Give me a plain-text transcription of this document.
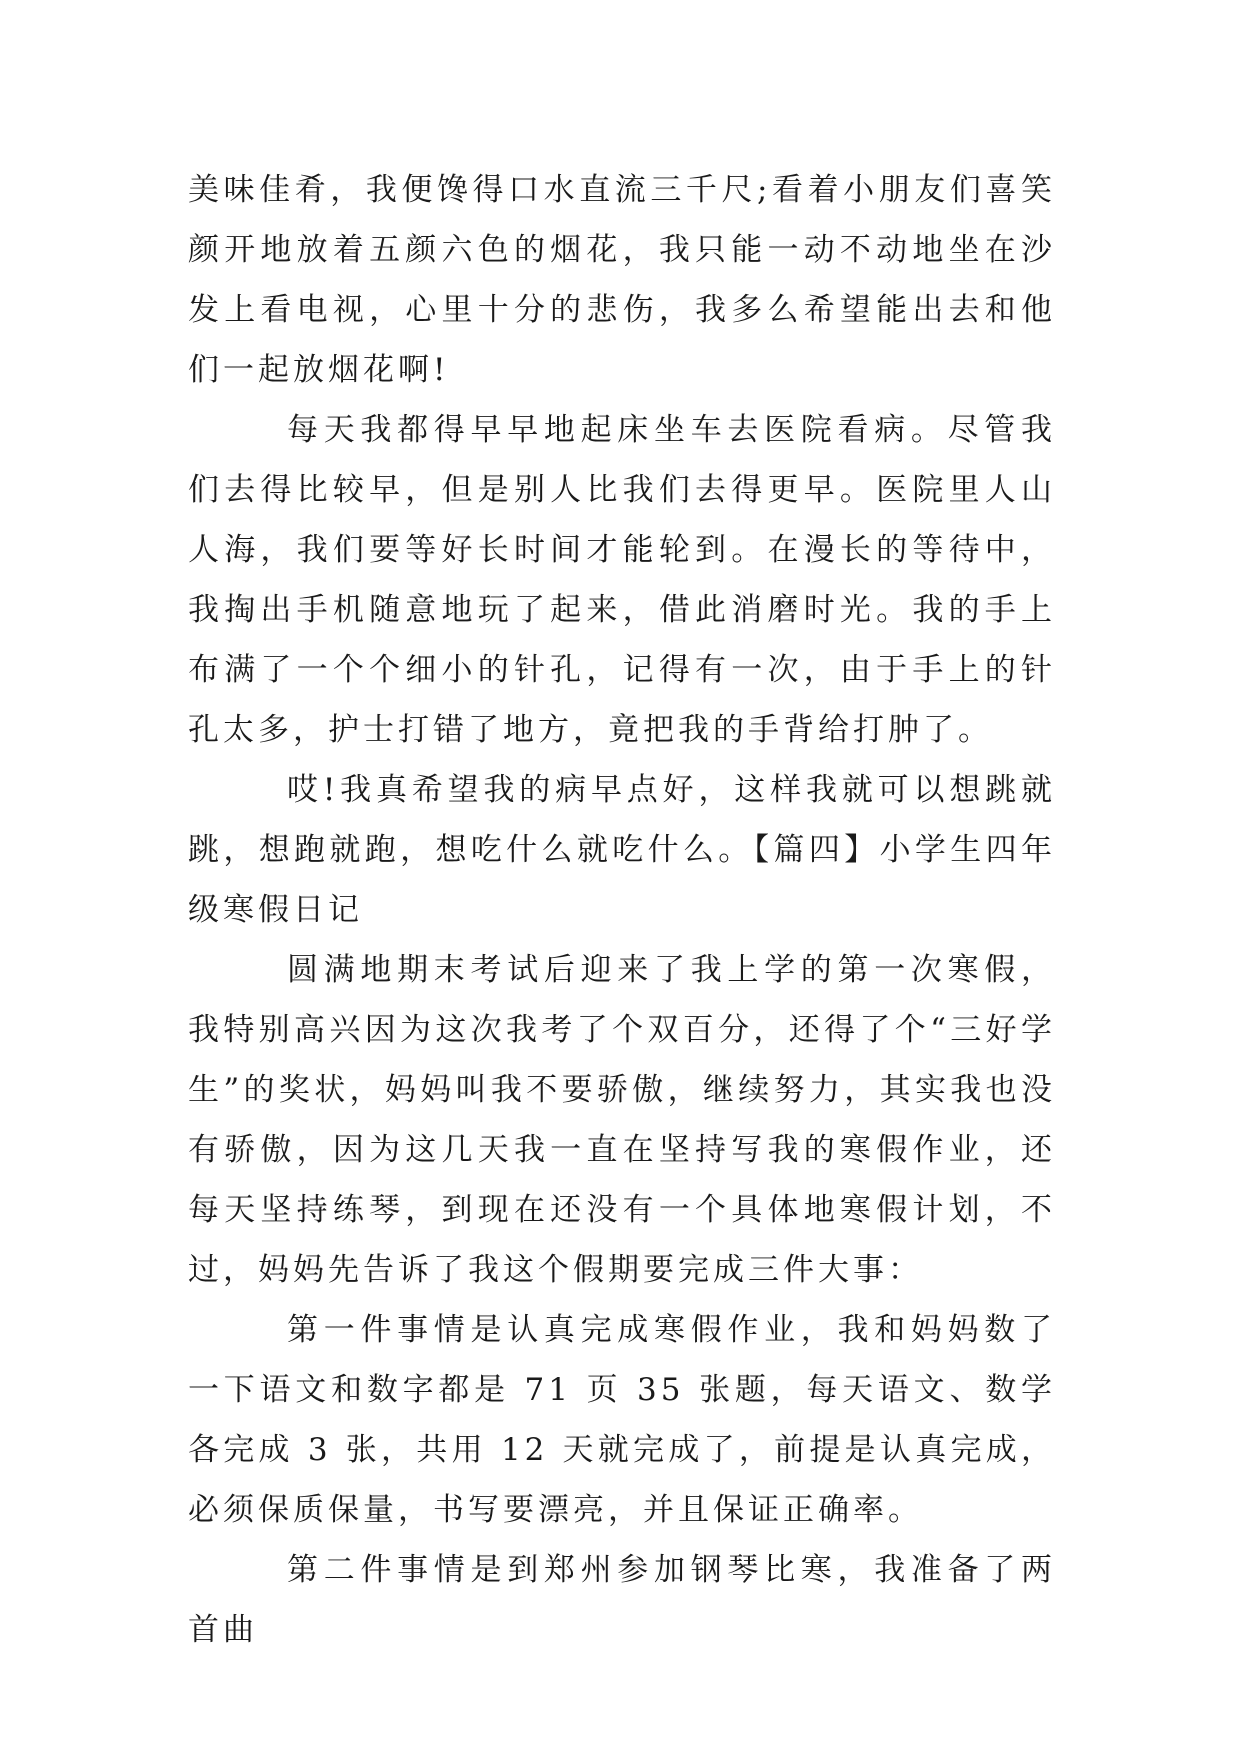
美味佳肴，我便馋得口水直流三千尺;看着小朋友们喜笑颜开地放着五颜六色的烟花，我只能一动不动地坐在沙发上看电视，心里十分的悲伤，我多么希望能出去和他们一起放烟花啊!

每天我都得早早地起床坐车去医院看病。尽管我们去得比较早，但是别人比我们去得更早。医院里人山人海，我们要等好长时间才能轮到。在漫长的等待中，我掏出手机随意地玩了起来，借此消磨时光。我的手上布满了一个个细小的针孔，记得有一次，由于手上的针孔太多，护士打错了地方，竟把我的手背给打肿了。

哎!我真希望我的病早点好，这样我就可以想跳就跳，想跑就跑，想吃什么就吃什么。【篇四】小学生四年级寒假日记

圆满地期末考试后迎来了我上学的第一次寒假，我特别高兴因为这次我考了个双百分，还得了个“三好学生”的奖状，妈妈叫我不要骄傲，继续努力，其实我也没有骄傲，因为这几天我一直在坚持写我的寒假作业，还每天坚持练琴，到现在还没有一个具体地寒假计划，不过，妈妈先告诉了我这个假期要完成三件大事：

第一件事情是认真完成寒假作业，我和妈妈数了一下语文和数字都是 71 页 35 张题，每天语文、数学各完成 3 张，共用 12 天就完成了，前提是认真完成，必须保质保量，书写要漂亮，并且保证正确率。

第二件事情是到郑州参加钢琴比寒，我准备了两首曲
